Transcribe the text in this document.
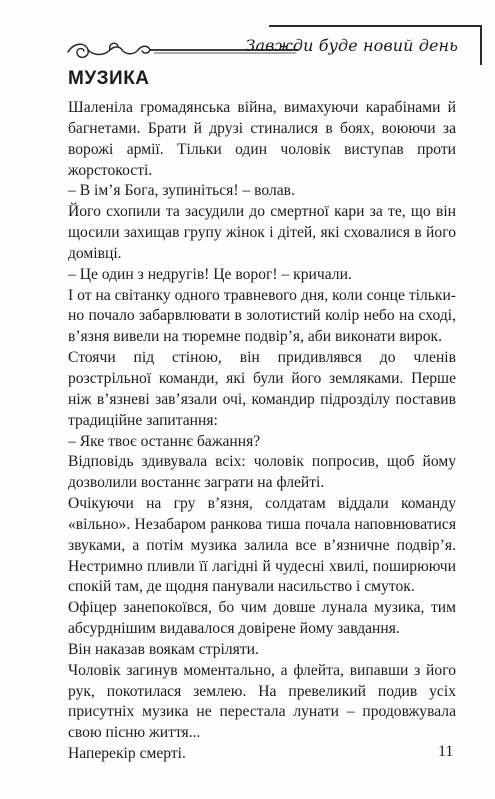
Завжди буде новий день
МУЗИКА

Шаленіла громадянська війна, вимахуючи карабінами й багнетами. Брати й друзі стиналися в боях, воюючи за ворожі армії. Тільки один чоловік виступав проти жорстокості.

– В ім’я Бога, зупиніться! – волав.

Його схопили та засудили до смертної кари за те, що він щосили захищав групу жінок і дітей, які сховалися в його домівці.

– Це один з недругів! Це ворог! – кричали.

І от на світанку одного травневого дня, коли сонце тільки-но почало забарвлювати в золотистий колір небо на сході, в’язня вивели на тюремне подвір’я, аби виконати вирок.

Стоячи під стіною, він придивлявся до членів розстрільної команди, які були його земляками. Перше ніж в’язневі зав’язали очі, командир підрозділу поставив традиційне запитання:

– Яке твоє останнє бажання?

Відповідь здивувала всіх: чоловік попросив, щоб йому дозволили востаннє заграти на флейті.

Очікуючи на гру в’язня, солдатам віддали команду «вільно». Незабаром ранкова тиша почала наповнюватися звуками, а потім музика залила все в’язничне подвір’я. Нестримно пливли її лагідні й чудесні хвилі, поширюючи спокій там, де щодня панували насильство і смуток.

Офіцер занепокоївся, бо чим довше лунала музика, тим абсурднішим видавалося довірене йому завдання.

Він наказав воякам стріляти.

Чоловік загинув моментально, а флейта, випавши з його рук, покотилася землею. На превеликий подив усіх присутніх музика не перестала лунати – продовжувала свою пісню життя...

Наперекір смерті.	11
